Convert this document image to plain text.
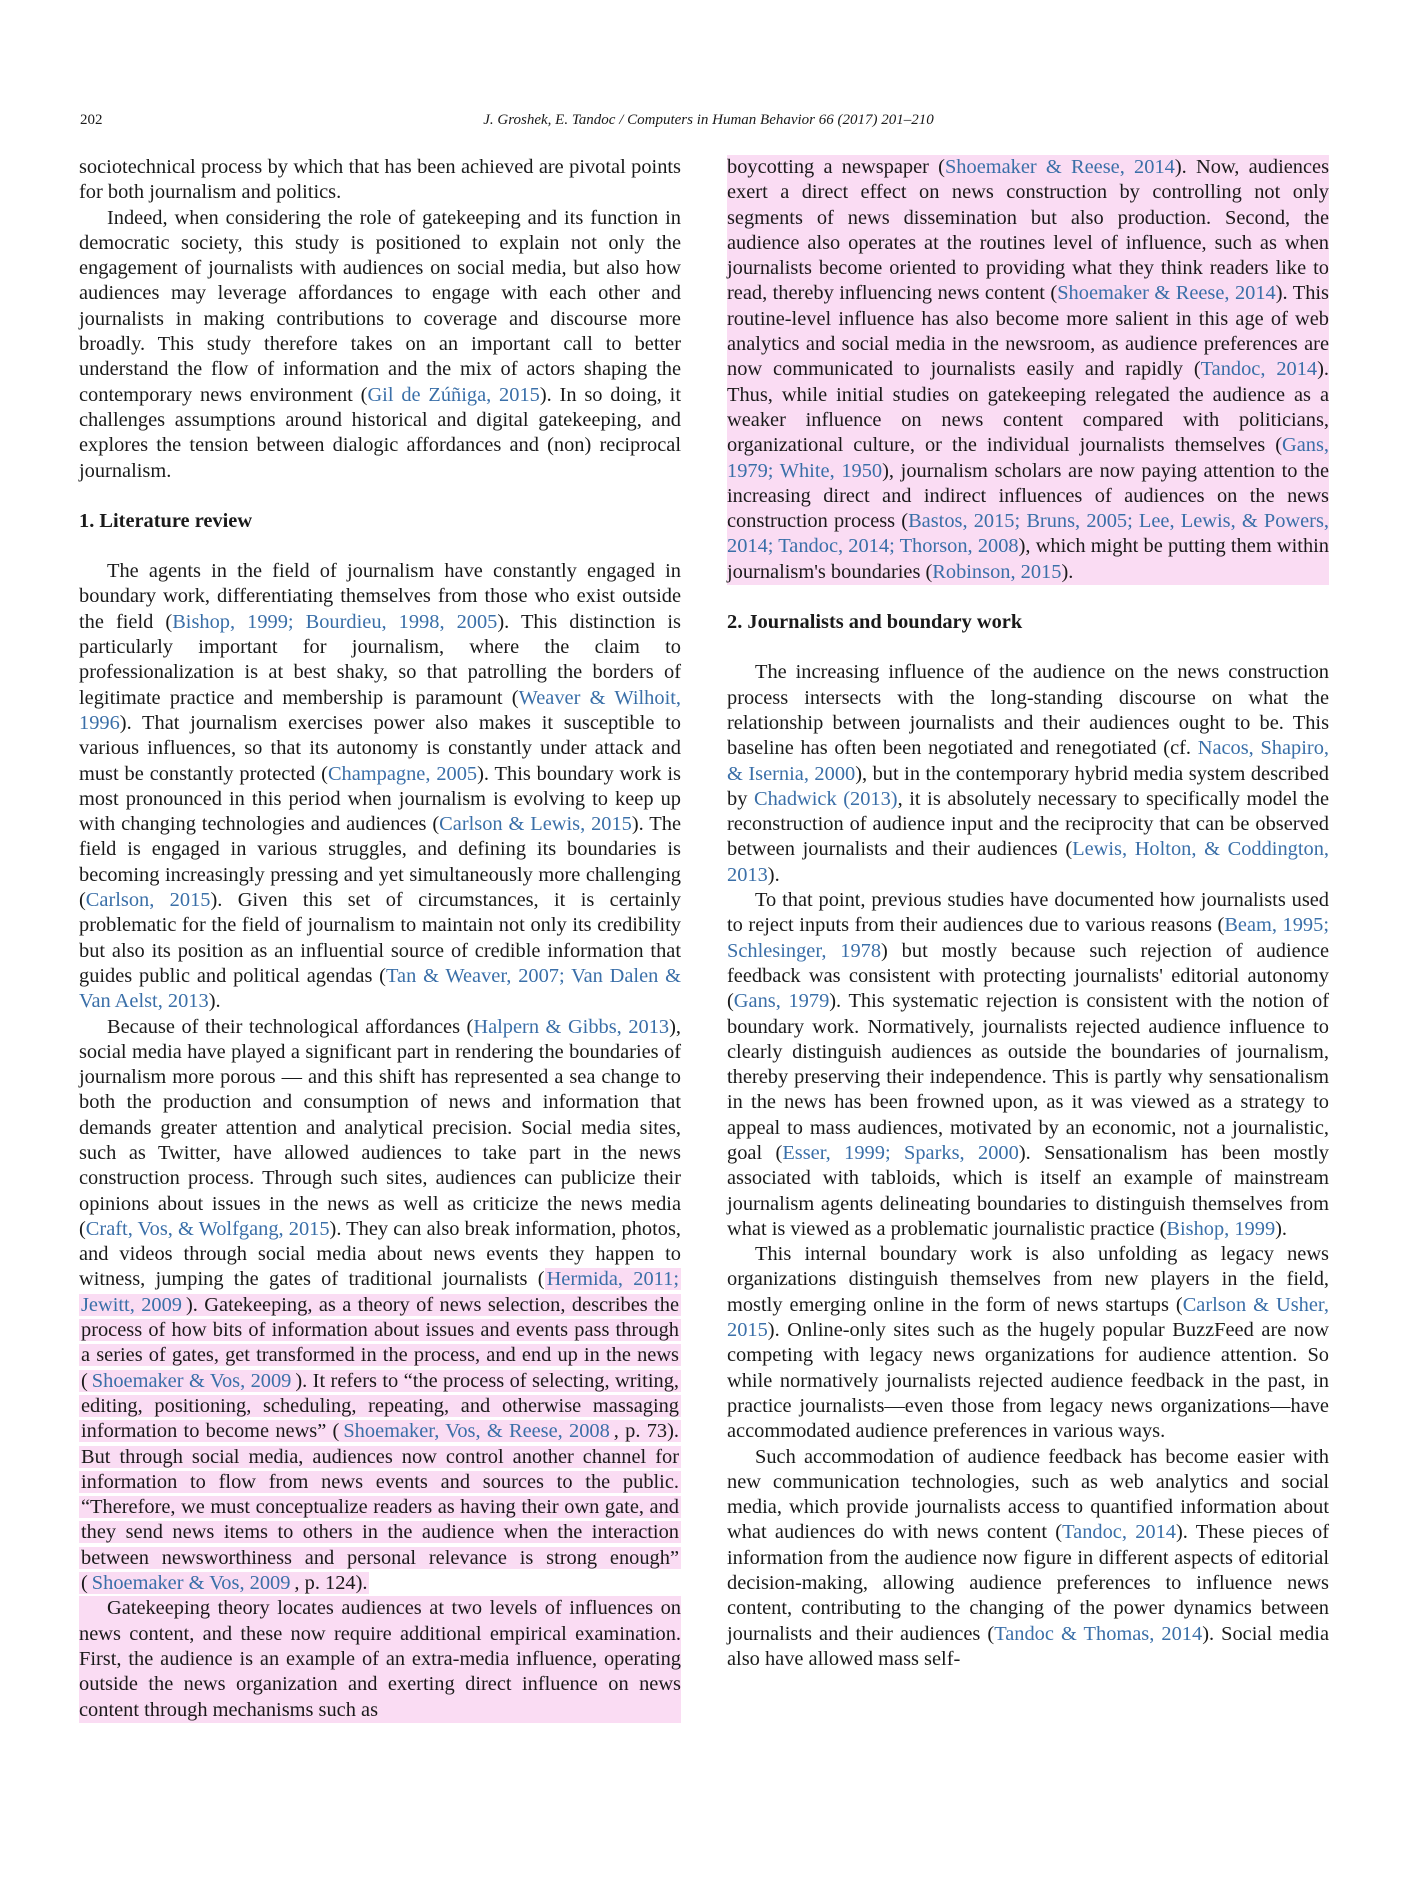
202	J. Groshek, E. Tandoc / Computers in Human Behavior 66 (2017) 201–210

sociotechnical process by which that has been achieved are pivotal points for both journalism and politics.

Indeed, when considering the role of gatekeeping and its function in democratic society, this study is positioned to explain not only the engagement of journalists with audiences on social media, but also how audiences may leverage affordances to engage with each other and journalists in making contributions to coverage and discourse more broadly. This study therefore takes on an important call to better understand the flow of information and the mix of actors shaping the contemporary news environment (Gil de Zúñiga, 2015). In so doing, it challenges assumptions around historical and digital gatekeeping, and explores the tension between dialogic affordances and (non) reciprocal journalism.

1. Literature review

The agents in the field of journalism have constantly engaged in boundary work, differentiating themselves from those who exist outside the field (Bishop, 1999; Bourdieu, 1998, 2005). This distinction is particularly important for journalism, where the claim to professionalization is at best shaky, so that patrolling the borders of legitimate practice and membership is paramount (Weaver & Wilhoit, 1996). That journalism exercises power also makes it susceptible to various influences, so that its autonomy is constantly under attack and must be constantly protected (Champagne, 2005). This boundary work is most pronounced in this period when journalism is evolving to keep up with changing technologies and audiences (Carlson & Lewis, 2015). The field is engaged in various struggles, and defining its boundaries is becoming increasingly pressing and yet simultaneously more challenging (Carlson, 2015). Given this set of circumstances, it is certainly problematic for the field of journalism to maintain not only its credibility but also its position as an influential source of credible information that guides public and political agendas (Tan & Weaver, 2007; Van Dalen & Van Aelst, 2013).

Because of their technological affordances (Halpern & Gibbs, 2013), social media have played a significant part in rendering the boundaries of journalism more porous — and this shift has represented a sea change to both the production and consumption of news and information that demands greater attention and analytical precision. Social media sites, such as Twitter, have allowed audiences to take part in the news construction process. Through such sites, audiences can publicize their opinions about issues in the news as well as criticize the news media (Craft, Vos, & Wolfgang, 2015). They can also break information, photos, and videos through social media about news events they happen to witness, jumping the gates of traditional journalists (Hermida, 2011; Jewitt, 2009 ). Gatekeeping, as a theory of news selection, describes the process of how bits of information about issues and events pass through a series of gates, get transformed in the process, and end up in the news ( Shoemaker & Vos, 2009 ). It refers to “the process of selecting, writing, editing, positioning, scheduling, repeating, and otherwise massaging information to become news” ( Shoemaker, Vos, & Reese, 2008 , p. 73). But through social media, audiences now control another channel for information to flow from news events and sources to the public. “Therefore, we must conceptualize readers as having their own gate, and they send news items to others in the audience when the interaction between newsworthiness and personal relevance is strong enough” ( Shoemaker & Vos, 2009 , p. 124).

Gatekeeping theory locates audiences at two levels of influences on news content, and these now require additional empirical examination. First, the audience is an example of an extra-media influence, operating outside the news organization and exerting direct influence on news content through mechanisms such as

boycotting a newspaper (Shoemaker & Reese, 2014). Now, audiences exert a direct effect on news construction by controlling not only segments of news dissemination but also production. Second, the audience also operates at the routines level of influence, such as when journalists become oriented to providing what they think readers like to read, thereby influencing news content (Shoemaker & Reese, 2014). This routine-level influence has also become more salient in this age of web analytics and social media in the newsroom, as audience preferences are now communicated to journalists easily and rapidly (Tandoc, 2014). Thus, while initial studies on gatekeeping relegated the audience as a weaker influence on news content compared with politicians, organizational culture, or the individual journalists themselves (Gans, 1979; White, 1950), journalism scholars are now paying attention to the increasing direct and indirect influences of audiences on the news construction process (Bastos, 2015; Bruns, 2005; Lee, Lewis, & Powers, 2014; Tandoc, 2014; Thorson, 2008), which might be putting them within journalism's boundaries (Robinson, 2015).

2. Journalists and boundary work

The increasing influence of the audience on the news construction process intersects with the long-standing discourse on what the relationship between journalists and their audiences ought to be. This baseline has often been negotiated and renegotiated (cf. Nacos, Shapiro, & Isernia, 2000), but in the contemporary hybrid media system described by Chadwick (2013), it is absolutely necessary to specifically model the reconstruction of audience input and the reciprocity that can be observed between journalists and their audiences (Lewis, Holton, & Coddington, 2013).

To that point, previous studies have documented how journalists used to reject inputs from their audiences due to various reasons (Beam, 1995; Schlesinger, 1978) but mostly because such rejection of audience feedback was consistent with protecting journalists' editorial autonomy (Gans, 1979). This systematic rejection is consistent with the notion of boundary work. Normatively, journalists rejected audience influence to clearly distinguish audiences as outside the boundaries of journalism, thereby preserving their independence. This is partly why sensationalism in the news has been frowned upon, as it was viewed as a strategy to appeal to mass audiences, motivated by an economic, not a journalistic, goal (Esser, 1999; Sparks, 2000). Sensationalism has been mostly associated with tabloids, which is itself an example of mainstream journalism agents delineating boundaries to distinguish themselves from what is viewed as a problematic journalistic practice (Bishop, 1999).

This internal boundary work is also unfolding as legacy news organizations distinguish themselves from new players in the field, mostly emerging online in the form of news startups (Carlson & Usher, 2015). Online-only sites such as the hugely popular BuzzFeed are now competing with legacy news organizations for audience attention. So while normatively journalists rejected audience feedback in the past, in practice journalists—even those from legacy news organizations—have accommodated audience preferences in various ways.

Such accommodation of audience feedback has become easier with new communication technologies, such as web analytics and social media, which provide journalists access to quantified information about what audiences do with news content (Tandoc, 2014). These pieces of information from the audience now figure in different aspects of editorial decision-making, allowing audience preferences to influence news content, contributing to the changing of the power dynamics between journalists and their audiences (Tandoc & Thomas, 2014). Social media also have allowed mass self-
